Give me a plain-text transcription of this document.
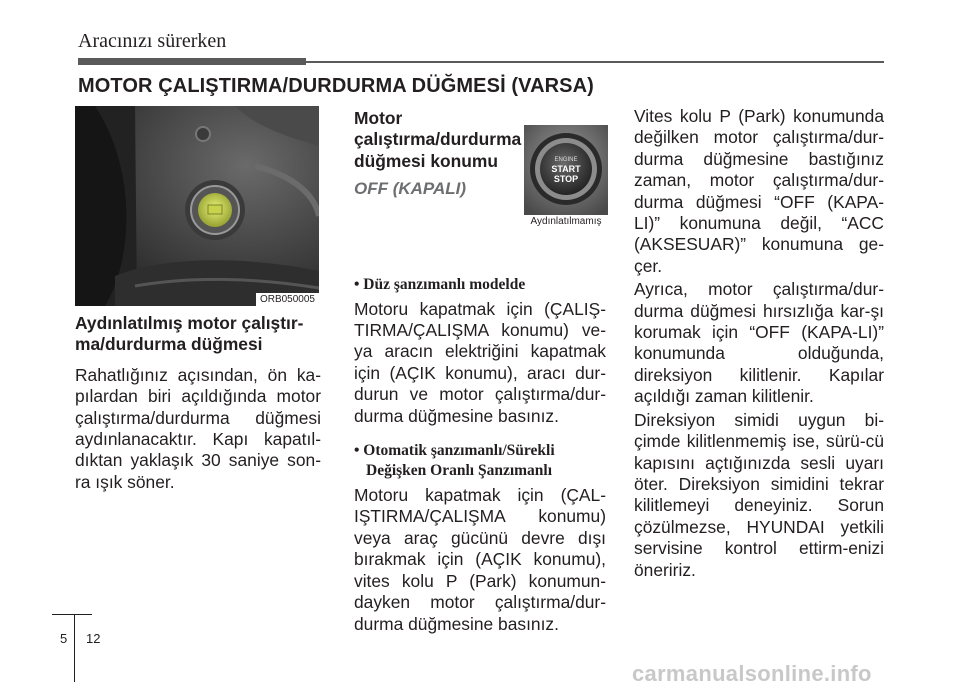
Aracınızı sürerken
MOTOR ÇALIŞTIRMA/DURDURMA DÜĞMESİ (VARSA)
ORB050005
Aydınlatılmış motor çalıştır-ma/durdurma düğmesi
Rahatlığınız açısından, ön ka-pılardan biri açıldığında motor çalıştırma/durdurma düğmesi aydınlanacaktır. Kapı kapatıl-dıktan yaklaşık 30 saniye son-ra ışık söner.
Motor çalıştırma/durdurma düğmesi konumu
OFF (KAPALI)
• Düz şanzımanlı modelde
Motoru kapatmak için (ÇALIŞ-TIRMA/ÇALIŞMA konumu) ve-ya aracın elektriğini kapatmak için (AÇIK konumu), aracı dur-durun ve motor çalıştırma/dur-durma düğmesine basınız.
• Otomatik şanzımanlı/Sürekli
Değişken Oranlı Şanzımanlı
Motoru kapatmak için (ÇAL-IŞTIRMA/ÇALIŞMA konumu) veya araç gücünü devre dışı bırakmak için (AÇIK konumu), vites kolu P (Park) konumun-dayken motor çalıştırma/dur-durma düğmesine basınız.
ENGINE
START
STOP
Aydınlatılmamış
Vites kolu P (Park) konumunda değilken motor çalıştırma/dur-durma düğmesine bastığınız zaman, motor çalıştırma/dur-durma düğmesi “OFF (KAPA-LI)” konumuna değil, “ACC (AKSESUAR)” konumuna ge-çer.
Ayrıca, motor çalıştırma/dur-durma düğmesi hırsızlığa kar-şı korumak için “OFF (KAPA-LI)” konumunda olduğunda, direksiyon kilitlenir. Kapılar açıldığı zaman kilitlenir.
Direksiyon simidi uygun bi-çimde kilitlenmemiş ise, sürü-cü kapısını açtığınızda sesli uyarı öter. Direksiyon simidini tekrar kilitlemeyi deneyiniz. Sorun çözülmezse, HYUNDAI yetkili servisine kontrol ettirm-enizi öneririz.
5 12
carmanualsonline.info
